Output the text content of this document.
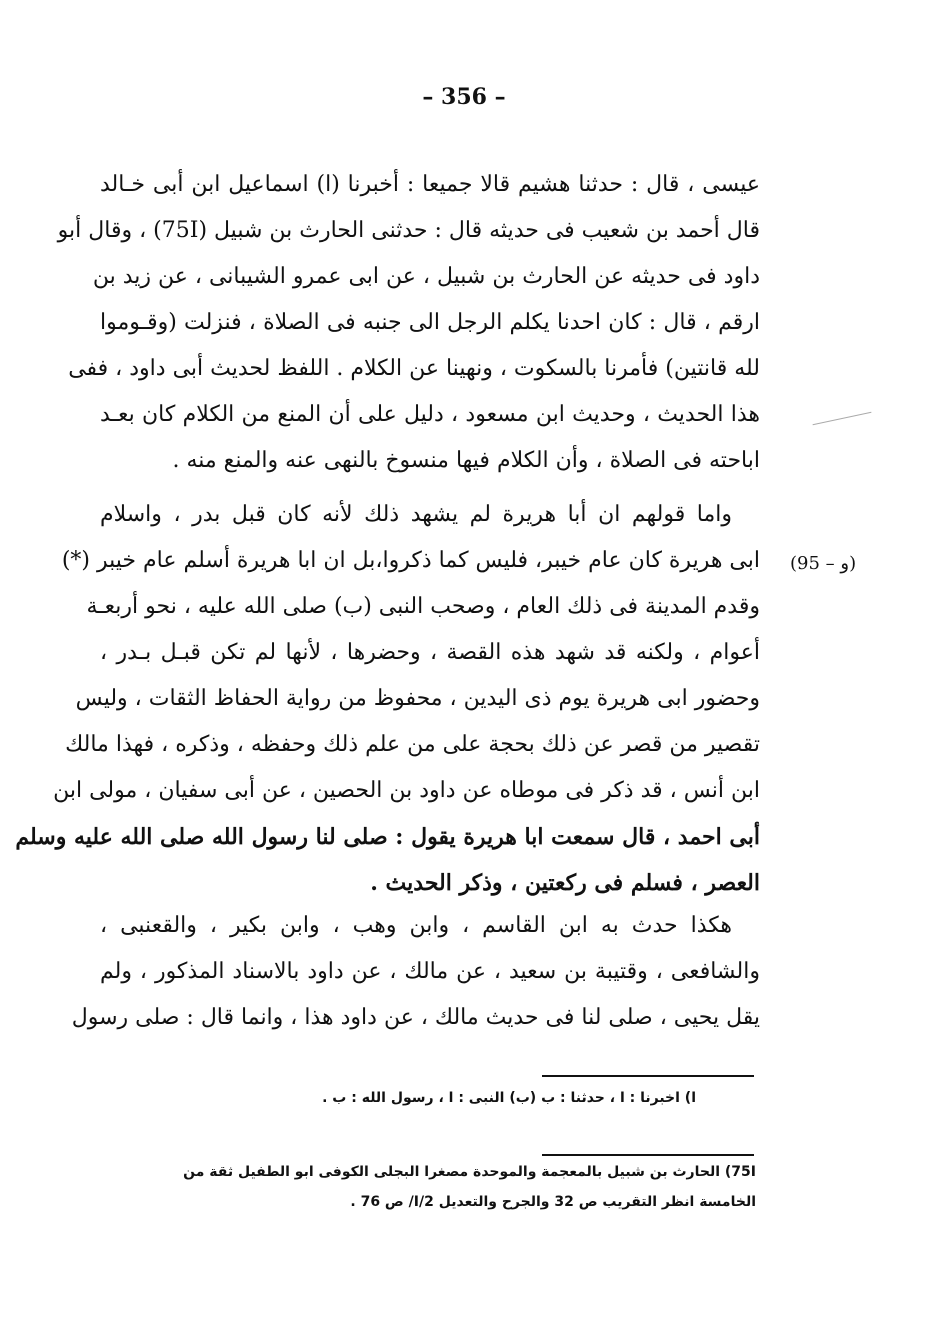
– 356 –
(95 – و)
عيسى ، قال : حدثنا هشيم قالا جميعا : أخبرنا (ا) اسماعيل ابن أبى خـالد
قال أحمد بن شعيب فى حديثه قال : حدثنى الحارث بن شبيل (75I) ، وقال أبو
داود فى حديثه عن الحارث بن شبيل ، عن ابى عمرو الشيبانى ، عن زيد بن
ارقم ، قال : كان احدنا يكلم الرجل الى جنبه فى الصلاة ، فنزلت (وقـوموا
لله قانتين) فأمرنا بالسكوت ، ونهينا عن الكلام . اللفظ لحديث أبى داود ، ففى
هذا الحديث ، وحديث ابن مسعود ، دليل على أن المنع من الكلام كان بعـد
اباحته فى الصلاة ، وأن الكلام فيها منسوخ بالنهى عنه والمنع منه .
واما قولهم ان أبا هريرة لم يشهد ذلك لأنه كان قبل بدر ، واسلام
ابى هريرة كان عام خيبر، فليس كما ذكروا،بل ان ابا هريرة أسلم عام خيبر (*)
وقدم المدينة فى ذلك العام ، وصحب النبى (ب) صلى الله عليه ، نحو أربعـة
أعوام ، ولكنه قد شهد هذه القصة ، وحضرها ، لأنها لم تكن قبـل بـدر ،
وحضور ابى هريرة يوم ذى اليدين ، محفوظ من رواية الحفاظ الثقات ، وليس
تقصير من قصر عن ذلك بحجة على من علم ذلك وحفظه ، وذكره ، فهذا مالك
ابن أنس ، قد ذكر فى موطاه عن داود بن الحصين ، عن أبى سفيان ، مولى ابن
أبى احمد ، قال سمعت ابا هريرة يقول : صلى لنا رسول الله صلى الله عليه وسلم
العصر ، فسلم فى ركعتين ، وذكر الحديث .
هكذا حدث به ابن القاسم ، وابن وهب ، وابن بكير ، والقعنبى ،
والشافعى ، وقتيبة بن سعيد ، عن مالك ، عن داود بالاسناد المذكور ، ولم
يقل يحيى ، صلى لنا فى حديث مالك ، عن داود هذا ، وانما قال : صلى رسول
ا) اخبرنا : ا ، حدثنا : ب (ب) النبى : ا ، رسول الله : ب .
75I) الحارث بن شبيل بالمعجمة والموحدة مصغرا البجلى الكوفى ابو الطفيل ثقة من
الخامسة انظر التقريب ص 32 والجرح والتعديل 2/I/ ص 76 .
